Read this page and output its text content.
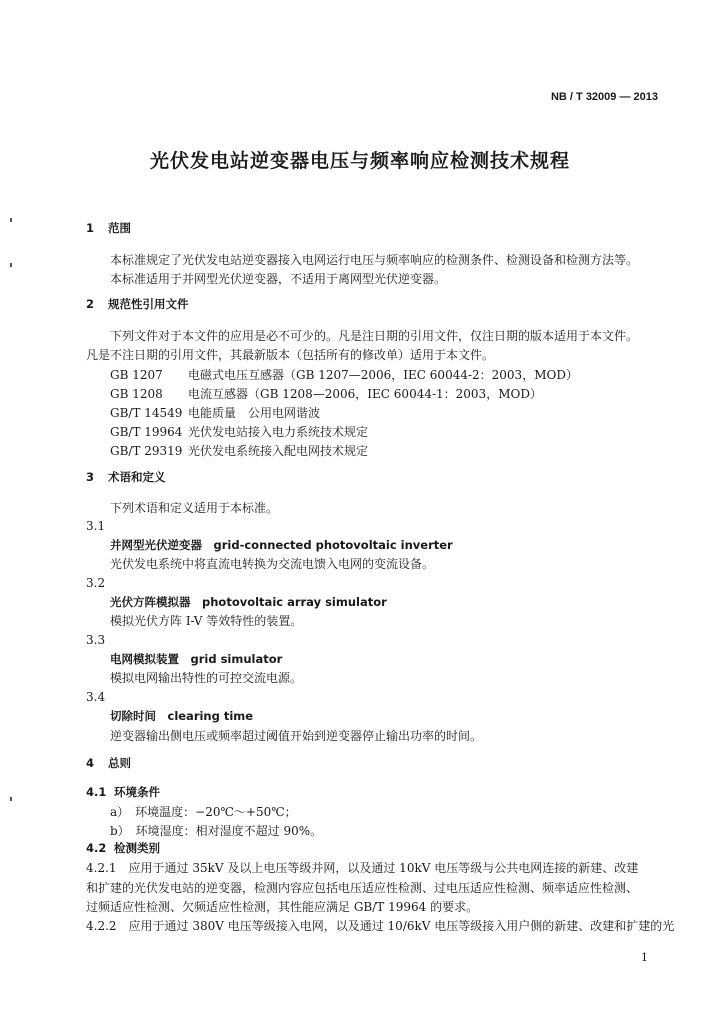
NB / T 32009 — 2013
光伏发电站逆变器电压与频率响应检测技术规程
1 范围
本标准规定了光伏发电站逆变器接入电网运行电压与频率响应的检测条件、检测设备和检测方法等。
本标准适用于并网型光伏逆变器，不适用于离网型光伏逆变器。
2 规范性引用文件
下列文件对于本文件的应用是必不可少的。凡是注日期的引用文件，仅注日期的版本适用于本文件。
凡是不注日期的引用文件，其最新版本（包括所有的修改单）适用于本文件。
GB 1207 电磁式电压互感器（GB 1207—2006，IEC 60044-2：2003，MOD）
GB 1208 电流互感器（GB 1208—2006，IEC 60044-1：2003，MOD）
GB/T 14549 电能质量　公用电网谐波
GB/T 19964 光伏发电站接入电力系统技术规定
GB/T 29319 光伏发电系统接入配电网技术规定
3 术语和定义
下列术语和定义适用于本标准。
3.1
并网型光伏逆变器　grid-connected photovoltaic inverter
光伏发电系统中将直流电转换为交流电馈入电网的变流设备。
3.2
光伏方阵模拟器　photovoltaic array simulator
模拟光伏方阵 I-V 等效特性的装置。
3.3
电网模拟装置　grid simulator
模拟电网输出特性的可控交流电源。
3.4
切除时间　clearing time
逆变器输出侧电压或频率超过阈值开始到逆变器停止输出功率的时间。
4 总则
4.1 环境条件
a）　环境温度：−20℃～+50℃；
b）　环境湿度：相对湿度不超过 90%。
4.2 检测类别
4.2.1　应用于通过 35kV 及以上电压等级并网，以及通过 10kV 电压等级与公共电网连接的新建、改建
和扩建的光伏发电站的逆变器，检测内容应包括电压适应性检测、过电压适应性检测、频率适应性检测、
过频适应性检测、欠频适应性检测，其性能应满足 GB/T 19964 的要求。
4.2.2　应用于通过 380V 电压等级接入电网，以及通过 10/6kV 电压等级接入用户侧的新建、改建和扩建的光
1
